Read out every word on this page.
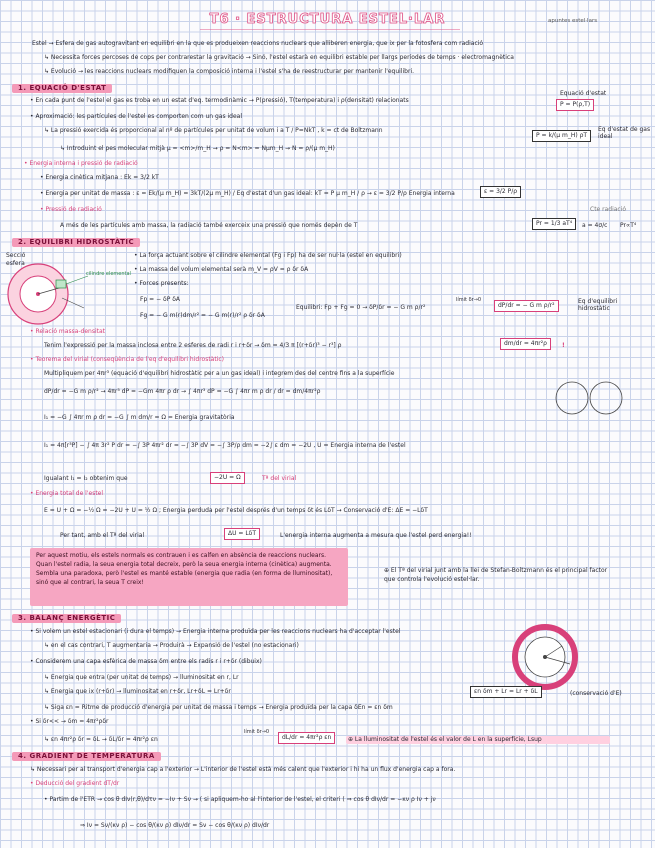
T6 · ESTRUCTURA ESTEL·LAR	apuntes estel·lars
Estel → Esfera de gas autogravitant en equilibri en la que es produeixen reaccions nuclears que alliberen energia, que ix per la fotosfera com radiació
↳ Necessita forces percoses de cops per contrarestar la gravitació → Sinó, l'estel estarà en equilibri estable per llargs períodes de temps · electromagnètica
↳ Evolució → les reaccions nuclears modifiquen la composició interna i l'estel s'ha de reestructurar per mantenir l'equilibri.
1. EQUACIÓ D'ESTAT
• En cada punt de l'estel el gas es troba en un estat d'eq. termodinàmic → P(pressió), T(temperatura) i ρ(densitat) relacionats
Equació d'estat
P = P(ρ,T)
• Aproximació: les partícules de l'estel es comporten com un gas ideal
↳ La pressió exercida és proporcional al nº de partícules per unitat de volum i a T / P=NkT , k = ct de Boltzmann
↳ Introduint el pes molecular mitjà μ = <m>/m_H → ρ = N<m> = Nμm_H → N = ρ/(μ m_H)
P = k/(μ m_H) ρT
Eq d'estat de gas ideal
• Energia interna i pressió de radiació
• Energia cinètica mitjana : Ek = 3/2 kT
• Energia per unitat de massa : ε = Ek/(μ m_H) = 3kT/(2μ m_H) / Eq d'estat d'un gas ideal: kT = P μ m_H / ρ → ε = 3/2 P/ρ Energia interna	ε = 3/2 P/ρ
• Pressió de radiació
A més de les partícules amb massa, la radiació també exerceix una pressió que només depèn de T	Pr = 1/3 aT⁴	a = 4σ/c Pr∝T⁴
Cte radiació
2. EQUILIBRI HIDROSTÀTIC
Secció
esfera
cilindre elemental
• La força actuant sobre el cilindre elemental (Fg i Fp) ha de ser nul·la (estel en equilibri)
• La massa del volum elemental serà m_V = ρV = ρ δr δA
• Forces presents:
Fp = − δP δA
Fg = − G m(r)dm/r² = − G m(r)/r² ρ δr δA
Equilibri: Fp + Fg = 0 → δP/δr = − G m ρ/r²
límit δr→0
dP/dr = − G m ρ/r²
Eq d'equilibri hidrostàtic
• Relació massa-densitat
Tenim l'expressió per la massa inclosa entre 2 esferes de radi r i r+δr → δm = 4/3 π [(r+δr)³ − r³] ρ	dm/dr = 4πr²ρ	!
• Teorema del virial (conseqüència de l'eq d'equilibri hidrostàtic)
Multipliquem per 4πr³ (equació d'equilibri hidrostàtic per a un gas ideal) i integrem des del centre fins a la superfície
dP/dr = −G m ρ/r² → 4πr³ dP = −Gm 4πr ρ dr → ∫ 4πr³ dP = −G ∫ 4πr m ρ dr / dr = dm/4πr²ρ
I₁ = −G ∫ 4πr m ρ dr = −G ∫ m dm/r = Ω = Energia gravitatòria
I₁ = 4π[r³P] − ∫ 4π 3r² P dr = −∫ 3P 4πr² dr = −∫ 3P dV = −∫ 3P/ρ dm = −2∫ ε dm = −2U , U = Energia interna de l'estel
Igualant I₁ = I₂ obtenim que	−2U = Ω	Tª del virial
• Energia total de l'estel
E = U + Ω = −½ Ω = −2U + U = ½ Ω ; Energia perduda per l'estel després d'un temps δt és LδT → Conservació d'E: ΔE = −LδT
Per tant, amb el Tª del virial	ΔU = LδT	L'energia interna augmenta a mesura que l'estel perd energia!!
Per aquest motiu, els estels normals es contrauen i es calfen en absència de reaccions nuclears. Quan l'estel radia, la seua energia total decreix, però la seua energia interna (cinètica) augmenta. Sembla una paradoxa, però l'estel es manté estable (energia que radia (en forma de lluminositat), sinó que al contrari, la seua T creix!
⊕ El Tª del virial junt amb la llei de Stefan-Boltzmann és el principal factor que controla l'evolució estel·lar.
3. BALANÇ ENERGÈTIC
• Si volem un estel estacionari (i dura el temps) → Energia interna produïda per les reaccions nuclears ha d'acceptar l'estel
↳ en el cas contrari, T augmentaria → Produirà → Expansió de l'estel (no estacionari)
• Considerem una capa esfèrica de massa δm entre els radis r i r+δr (dibuix)
↳ Energia que entra (per unitat de temps) → lluminositat en r, Lr
↳ Energia que ix (r+δr) → lluminositat en r+δr, Lr+δL = Lr+δr
↳ Siga εn = Ritme de producció d'energia per unitat de massa i temps → Energia produïda per la capa δEn = εn δm
• Si δr<< → δm = 4πr²ρδr
↳ εn 4πr²ρ δr = δL → δL/δr = 4πr²ρ εn
límit δr→0
εn δm + Lr = Lr + δL	(conservació d'E)
dL/dr = 4πr²ρ εn	⊕ La lluminositat de l'estel és el valor de L en la superfície, Lsup
4. GRADIENT DE TEMPERATURA
↳ Necessari per al transport d'energia cap a l'exterior → L'interior de l'estel està més calent que l'exterior i hi ha un flux d'energia cap a fora.
• Deducció del gradient dT/dr
• Partim de l'ETR → cos θ dIν(r,θ)/dτν = −Iν + Sν → ( si apliquem-ho al l'interior de l'estel, el criteri ( ⇒ cos θ dIν/dr = −κν ρ Iν + jν
⇒ Iν = Sν/(κν ρ) − cos θ/(κν ρ) dIν/dr = Sν − cos θ/(κν ρ) dIν/dr
